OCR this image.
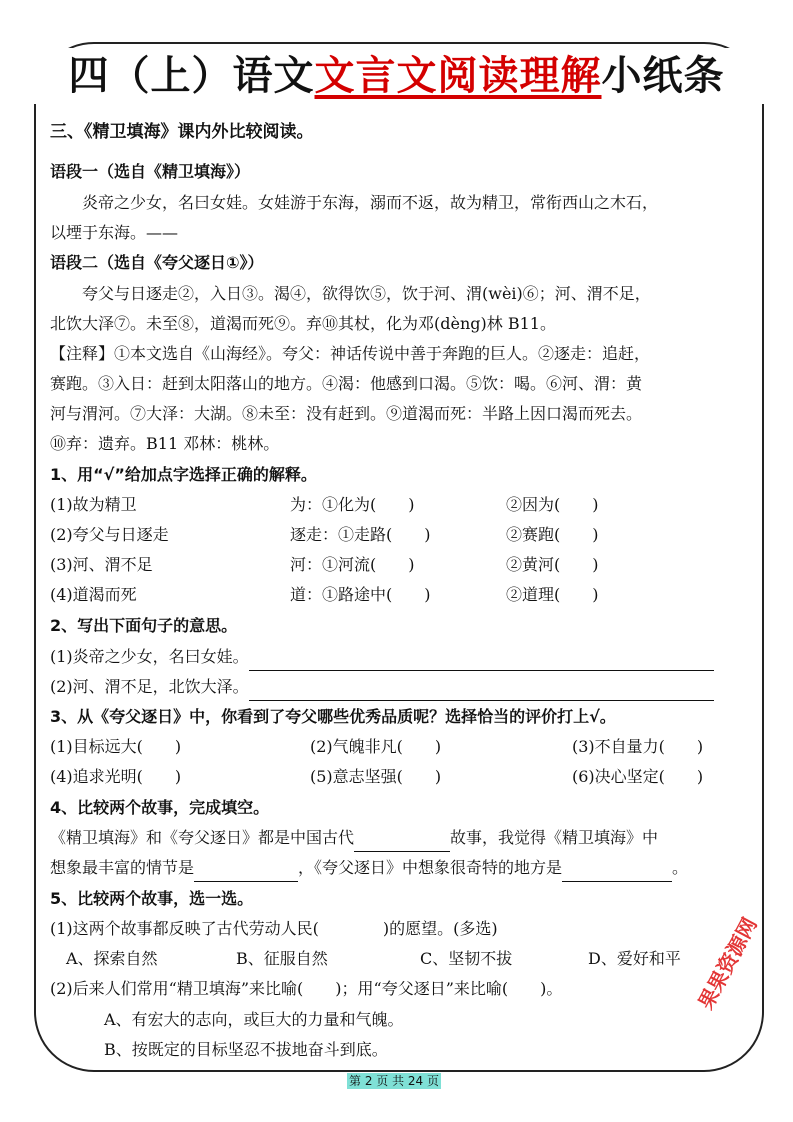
四（上）语文文言文阅读理解小纸条
三、《精卫填海》课内外比较阅读。
语段一（选自《精卫填海》）
炎帝之少女，名曰女娃。女娃游于东海，溺而不返，故为精卫，常衔西山之木石，
以堙于东海。——
语段二（选自《夸父逐日①》）
夸父与日逐走②，入日③。渴④，欲得饮⑤，饮于河、渭(wèi)⑥；河、渭不足，
北饮大泽⑦。未至⑧，道渴而死⑨。弃⑩其杖，化为邓(dèng)林 B11。
【注释】①本文选自《山海经》。夸父：神话传说中善于奔跑的巨人。②逐走：追赶，
赛跑。③入日：赶到太阳落山的地方。④渴：他感到口渴。⑤饮：喝。⑥河、渭：黄
河与渭河。⑦大泽：大湖。⑧未至：没有赶到。⑨道渴而死：半路上因口渴而死去。
⑩弃：遗弃。B11 邓林：桃林。
1、用“√”给加点字选择正确的解释。
(1)故为精卫	为：①化为(　　)	②因为(　　)
(2)夸父与日逐走	逐走：①走路(　　)	②赛跑(　　)
(3)河、渭不足	河：①河流(　　)	②黄河(　　)
(4)道渴而死	道：①路途中(　　)	②道理(　　)
2、写出下面句子的意思。
(1)炎帝之少女，名曰女娃。
(2)河、渭不足，北饮大泽。
3、从《夸父逐日》中，你看到了夸父哪些优秀品质呢？选择恰当的评价打上√。
(1)目标远大(　　)	(2)气魄非凡(　　)	(3)不自量力(　　)
(4)追求光明(　　)	(5)意志坚强(　　)	(6)决心坚定(　　)
4、比较两个故事，完成填空。
《精卫填海》和《夸父逐日》都是中国古代	故事，我觉得《精卫填海》中
想象最丰富的情节是	，《夸父逐日》中想象很奇特的地方是	。
5、比较两个故事，选一选。
(1)这两个故事都反映了古代劳动人民(　　　　)的愿望。(多选)
A、探索自然	B、征服自然	C、坚韧不拔	D、爱好和平
(2)后来人们常用“精卫填海”来比喻(　　)；用“夸父逐日”来比喻(　　)。
A、有宏大的志向，或巨大的力量和气魄。
B、按既定的目标坚忍不拔地奋斗到底。
第 2 页 共 24 页
果果资源网
